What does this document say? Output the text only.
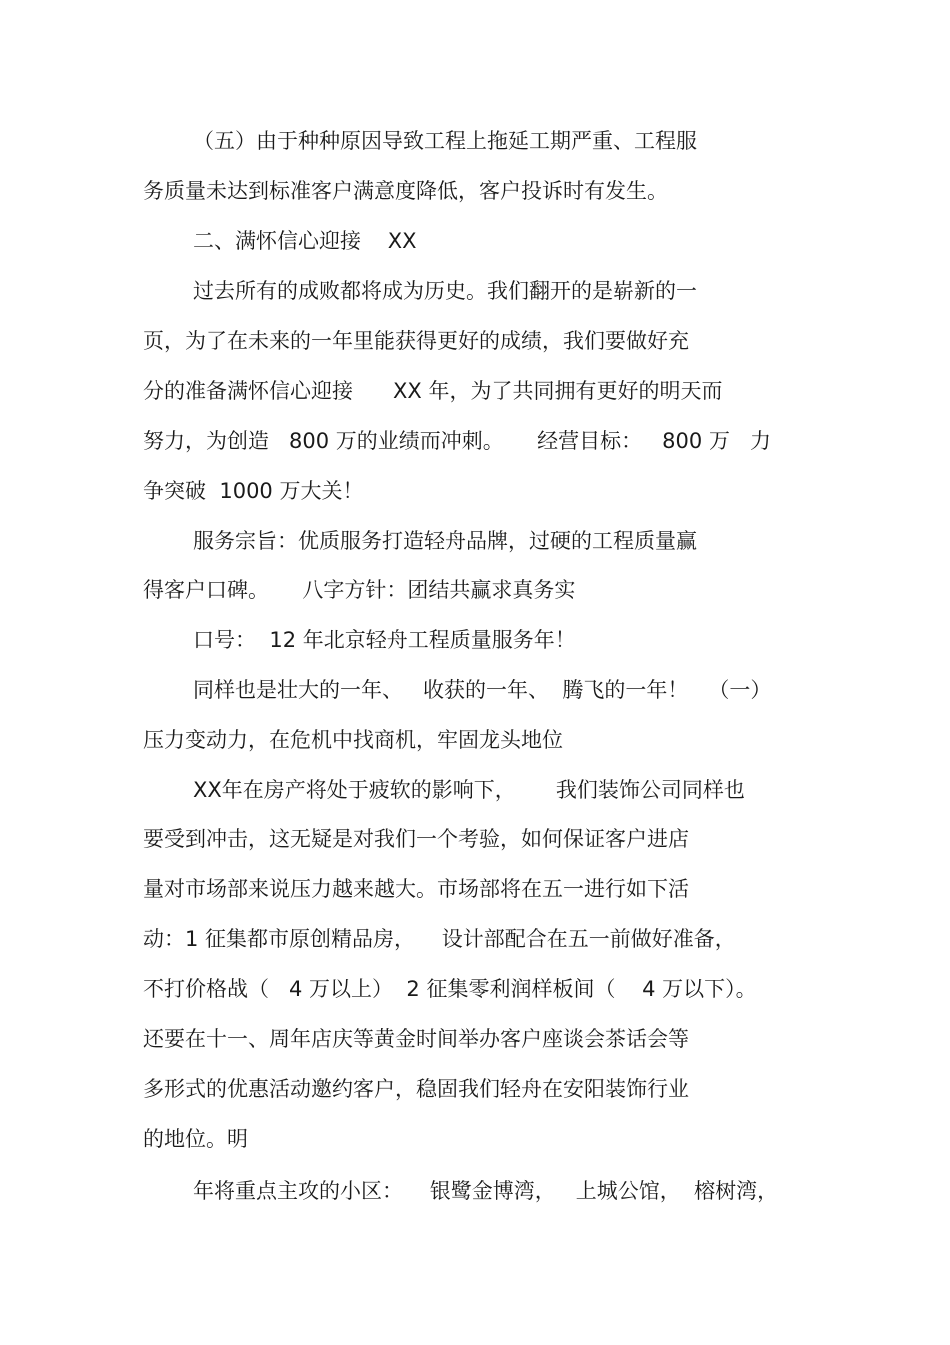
（五）由于种种原因导致工程上拖延工期严重、工程服

务质量未达到标准客户满意度降低，客户投诉时有发生。

二、满怀信心迎接    XX

过去所有的成败都将成为历史。我们翻开的是崭新的一

页，为了在未来的一年里能获得更好的成绩，我们要做好充

分的准备满怀信心迎接      XX 年，为了共同拥有更好的明天而

努力，为创造   800 万的业绩而冲刺。     经营目标：   800 万   力

争突破  1000 万大关！

服务宗旨：优质服务打造轻舟品牌，过硬的工程质量赢

得客户口碑。     八字方针：团结共赢求真务实

口号：  12 年北京轻舟工程质量服务年！

同样也是壮大的一年、   收获的一年、  腾飞的一年！   （一）

压力变动力，在危机中找商机，牢固龙头地位

XX年在房产将处于疲软的影响下，      我们装饰公司同样也

要受到冲击，这无疑是对我们一个考验，如何保证客户进店

量对市场部来说压力越来越大。市场部将在五一进行如下活

动：1 征集都市原创精品房，    设计部配合在五一前做好准备，

不打价格战（   4 万以上）  2 征集零利润样板间（    4 万以下）。

还要在十一、周年店庆等黄金时间举办客户座谈会茶话会等

多形式的优惠活动邀约客户，稳固我们轻舟在安阳装饰行业

的地位。明

年将重点主攻的小区：    银鹭金博湾，   上城公馆，  榕树湾，
